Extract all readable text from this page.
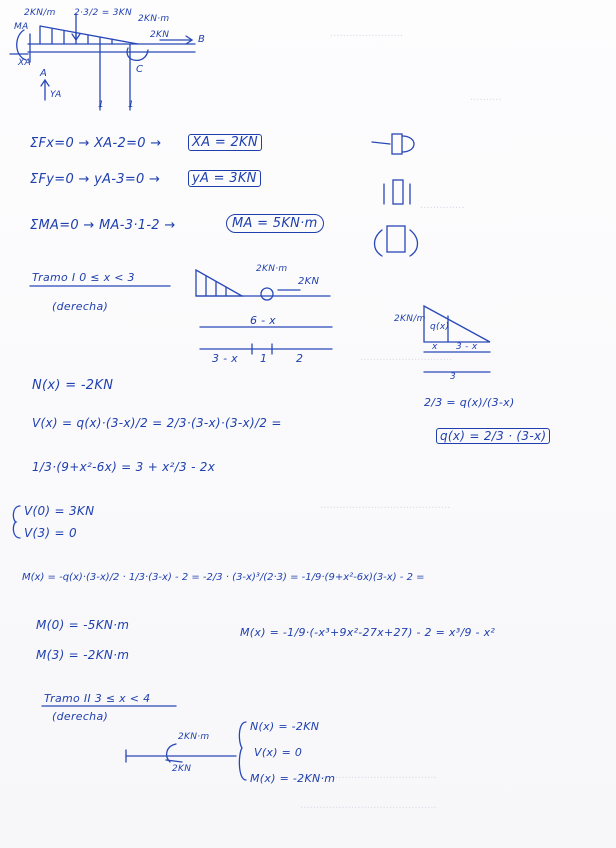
.......................
..........
..............
.............................
.........................................
...........................................
...........................................
2KN/m 2·3/2 = 3KN
2KN·m
2KN	B
MA
XA
A
YA
C
1	1
ΣFx=0 → XA-2=0 →	XA = 2KN
ΣFy=0 → yA-3=0 →	yA = 3KN
ΣMA=0 → MA-3·1-2 →	MA = 5KN·m
Tramo I 0 ≤ x < 3
(derecha)
2KN·m
2KN
6 - x
3 - x 1	2
2KN/m
q(x)
x 3 - x
3
2/3 = q(x)/(3-x)
q(x) = 2/3 · (3-x)
N(x) = -2KN
V(x) = q(x)·(3-x)/2 = 2/3·(3-x)·(3-x)/2 =
1/3·(9+x²-6x) = 3 + x²/3 - 2x
V(0) = 3KN
V(3) = 0
M(x) = -q(x)·(3-x)/2 · 1/3·(3-x) - 2 = -2/3 · (3-x)³/(2·3) = -1/9·(9+x²-6x)(3-x) - 2 =
M(0) = -5KN·m
M(3) = -2KN·m
M(x) = -1/9·(-x³+9x²-27x+27) - 2 = x³/9 - x²
Tramo II 3 ≤ x < 4
(derecha)
2KN·m
2KN
N(x) = -2KN
V(x) = 0
M(x) = -2KN·m
